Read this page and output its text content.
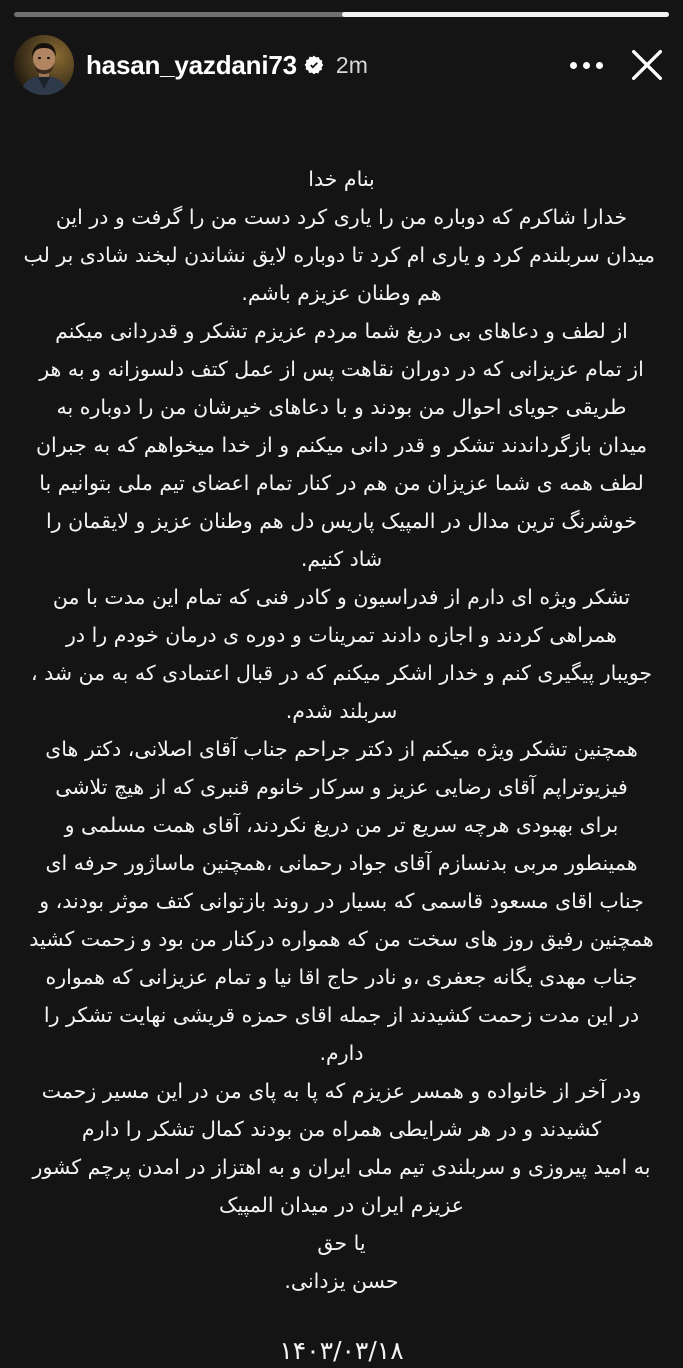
hasan_yazdani73 2m
بنام خدا
خدارا شاکرم که دوباره من را یاری کرد دست من را گرفت و در این
میدان سربلندم کرد و یاری ام کرد تا دوباره لایق نشاندن لبخند شادی بر لب
هم وطنان عزیزم باشم.
از لطف و دعاهای بی دریغ شما مردم عزیزم تشکر و قدردانی میکنم
از تمام عزیزانی که در دوران نقاهت پس از عمل کتف دلسوزانه و به هر
طریقی جویای احوال من بودند و با دعاهای خیرشان من را دوباره به
میدان بازگرداندند تشکر و قدر دانی میکنم و از خدا میخواهم که به جبران
لطف همه ی شما عزیزان من هم در کنار تمام اعضای تیم ملی بتوانیم با
خوشرنگ ترین مدال در المپیک پاریس دل هم وطنان عزیز و لایقمان را
شاد کنیم.
تشکر ویژه ای دارم از فدراسیون و کادر فنی که تمام این مدت با من
همراهی کردند و اجازه دادند تمرینات و دوره ی درمان خودم را در
جویبار پیگیری کنم و خدار اشکر میکنم که در قبال اعتمادی که به من شد ،
سربلند شدم.
همچنین تشکر ویژه میکنم از دکتر جراحم جناب آقای اصلانی، دکتر های
فیزیوتراپم آقای رضایی عزیز و سرکار خانوم قنبری که از هیچ تلاشی
برای بهبودی هرچه سریع تر من دریغ نکردند، آقای همت مسلمی و
همینطور مربی بدنسازم آقای جواد رحمانی ،همچنین ماساژور حرفه ای
جناب اقای مسعود قاسمی که بسیار در روند بازتوانی کتف موثر بودند، و
همچنین رفیق روز های سخت من که همواره درکنار من بود و زحمت کشید
جناب مهدی یگانه جعفری ،و نادر حاج اقا نیا و تمام عزیزانی که همواره
در این مدت زحمت کشیدند از جمله اقای حمزه قریشی نهایت تشکر را
دارم.
ودر آخر از خانواده و همسر عزیزم که پا به پای من در این مسیر زحمت
کشیدند و در هر شرایطی همراه من بودند کمال تشکر را دارم
به امید پیروزی و سربلندی تیم ملی ایران و به اهتزاز در امدن پرچم کشور
عزیزم ایران در میدان المپیک
یا حق
حسن یزدانی.
۱۴۰۳/۰۳/۱۸
